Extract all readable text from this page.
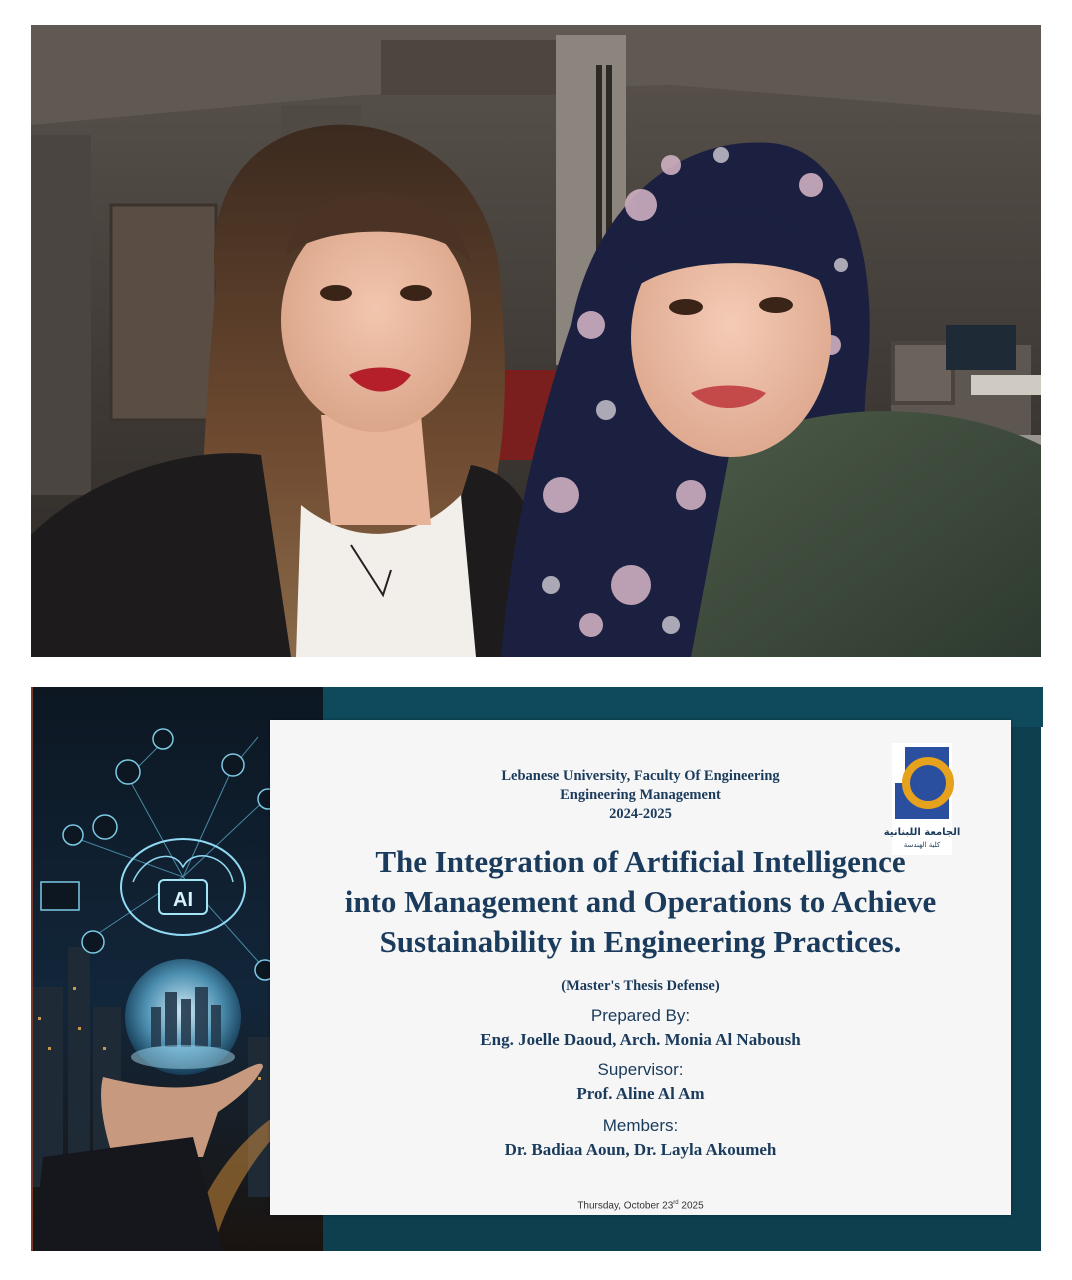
AI
Lebanese University, Faculty Of Engineering
Engineering Management
2024-2025
الجامعة اللبنانية
كلية الهندسة
The Integration of Artificial Intelligence
into Management and Operations to Achieve
Sustainability in Engineering Practices.
(Master's Thesis Defense)
Prepared By:
Eng. Joelle Daoud, Arch. Monia Al Naboush
Supervisor:
Prof. Aline Al Am
Members:
Dr. Badiaa Aoun, Dr. Layla Akoumeh
Thursday, October 23rd 2025
